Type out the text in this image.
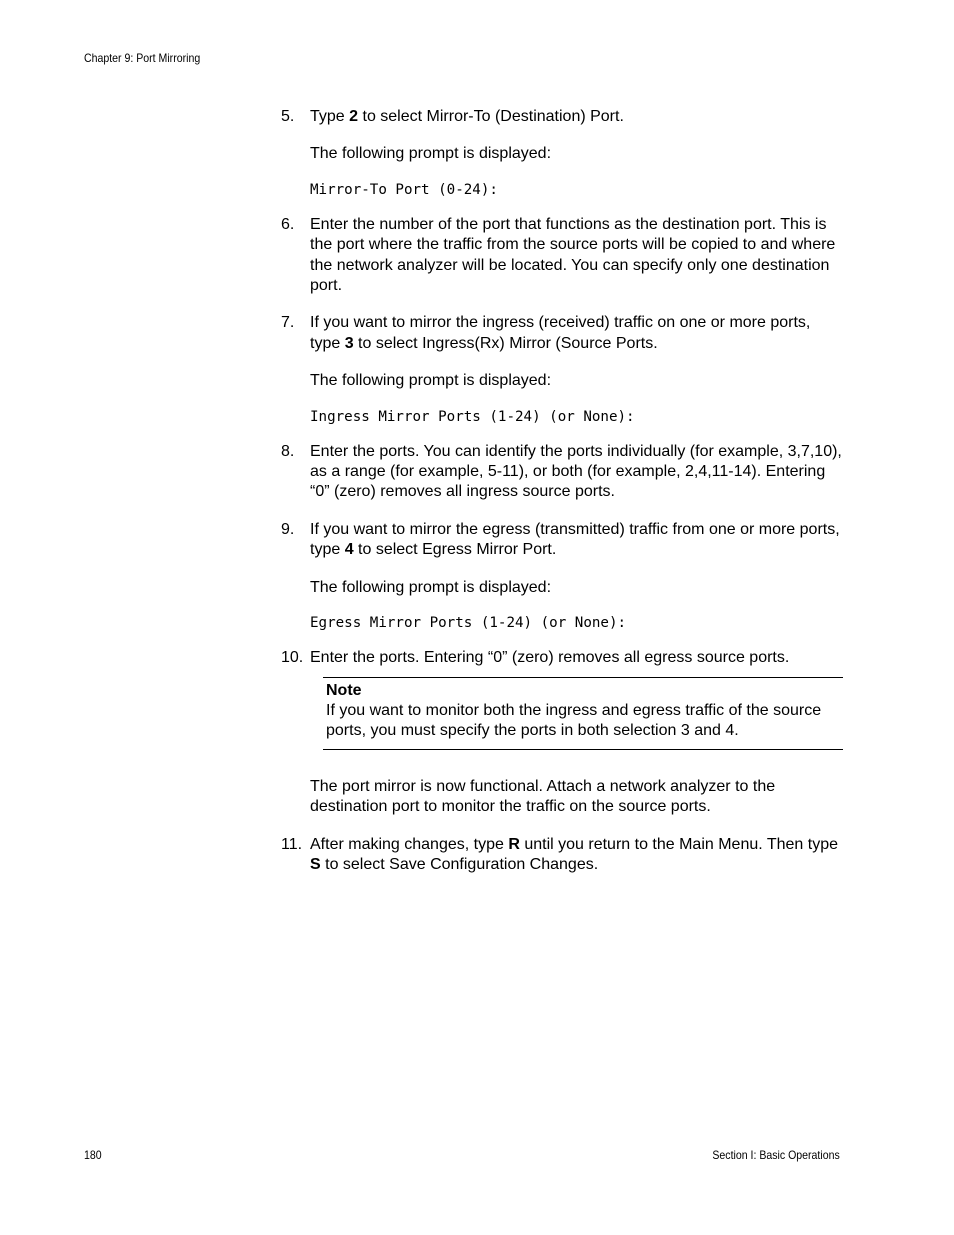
Chapter 9: Port Mirroring
5. Type 2 to select Mirror-To (Destination) Port.
The following prompt is displayed:
Mirror-To Port (0-24):
6. Enter the number of the port that functions as the destination port. This is the port where the traffic from the source ports will be copied to and where the network analyzer will be located. You can specify only one destination port.
7. If you want to mirror the ingress (received) traffic on one or more ports, type 3 to select Ingress(Rx) Mirror (Source Ports.
The following prompt is displayed:
Ingress Mirror Ports (1-24) (or None):
8. Enter the ports. You can identify the ports individually (for example, 3,7,10), as a range (for example, 5-11), or both (for example, 2,4,11-14). Entering “0” (zero) removes all ingress source ports.
9. If you want to mirror the egress (transmitted) traffic from one or more ports, type 4 to select Egress Mirror Port.
The following prompt is displayed:
Egress Mirror Ports (1-24) (or None):
10. Enter the ports. Entering “0” (zero) removes all egress source ports.
Note
If you want to monitor both the ingress and egress traffic of the source ports, you must specify the ports in both selection 3 and 4.
The port mirror is now functional. Attach a network analyzer to the destination port to monitor the traffic on the source ports.
11. After making changes, type R until you return to the Main Menu. Then type S to select Save Configuration Changes.
180	Section I: Basic Operations
